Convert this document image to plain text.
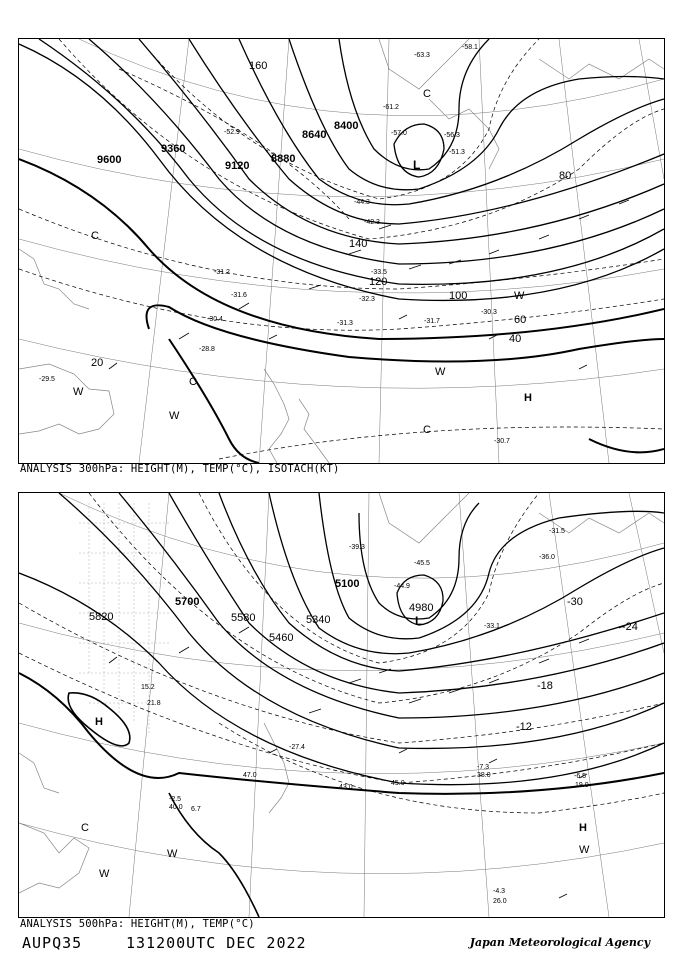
9600
9360
9120
8880
8640
8400
20
40
60
80
100
120
140
160
-31.2
-31.6
-30.4
-31.3	-31.7
-30.3
-28.8
-30.7
-29.5
-57.0
-61.2
-63.3
-58.1
-56.3
-51.3
-52.9
-44.3
-42.3
-33.5
-32.3
H
L
C
C
C
C
W
W
W
W
ANALYSIS 300hPa: HEIGHT(M), TEMP(°C), ISOTACH(KT)
5820
5700
5580
5460
5340
5100
4980	-30
-24
-18
-12
-6.5
-4.3
-2.5
-7.3
-45.5
-44.9
-39.3
-36.0
-33.1
-31.5
-27.4
19.0
26.0
38.0
45.0
43.0
40.0
47.0
21.8
15.2
6.7
H
H
L
C
W
W	W
ANALYSIS 500hPa: HEIGHT(M), TEMP(°C)
AUPQ35	131200UTC DEC 2022	Japan Meteorological Agency
